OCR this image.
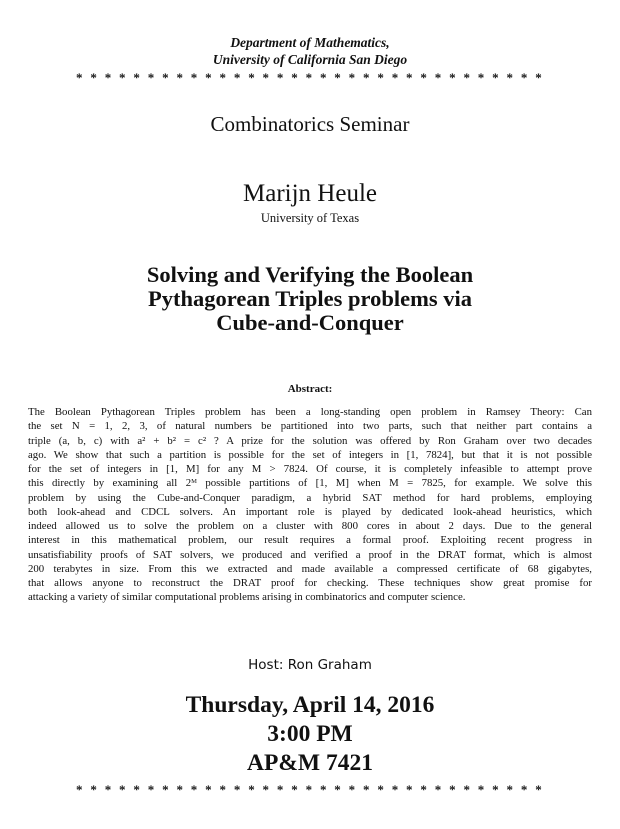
Department of Mathematics,
University of California San Diego
* * * * * * * * * * * * * * * * * * * * * * * * * * * * * * * * *
Combinatorics Seminar
Marijn Heule
University of Texas
Solving and Verifying the Boolean
Pythagorean Triples problems via
Cube-and-Conquer
Abstract:
The Boolean Pythagorean Triples problem has been a long-standing open problem in Ramsey Theory: Can
the set N = 1, 2, 3, of natural numbers be partitioned into two parts, such that neither part contains a
triple (a, b, c) with a² + b² = c² ? A prize for the solution was offered by Ron Graham over two decades
ago. We show that such a partition is possible for the set of integers in [1, 7824], but that it is not possible
for the set of integers in [1, M] for any M > 7824. Of course, it is completely infeasible to attempt prove
this directly by examining all 2ᴹ possible partitions of [1, M] when M = 7825, for example. We solve this
problem by using the Cube-and-Conquer paradigm, a hybrid SAT method for hard problems, employing
both look-ahead and CDCL solvers. An important role is played by dedicated look-ahead heuristics, which
indeed allowed us to solve the problem on a cluster with 800 cores in about 2 days. Due to the general
interest in this mathematical problem, our result requires a formal proof. Exploiting recent progress in
unsatisfiability proofs of SAT solvers, we produced and verified a proof in the DRAT format, which is almost
200 terabytes in size. From this we extracted and made available a compressed certificate of 68 gigabytes,
that allows anyone to reconstruct the DRAT proof for checking. These techniques show great promise for
attacking a variety of similar computational problems arising in combinatorics and computer science.
Host: Ron Graham
Thursday, April 14, 2016
3:00 PM
AP&M 7421
* * * * * * * * * * * * * * * * * * * * * * * * * * * * * * * * *
